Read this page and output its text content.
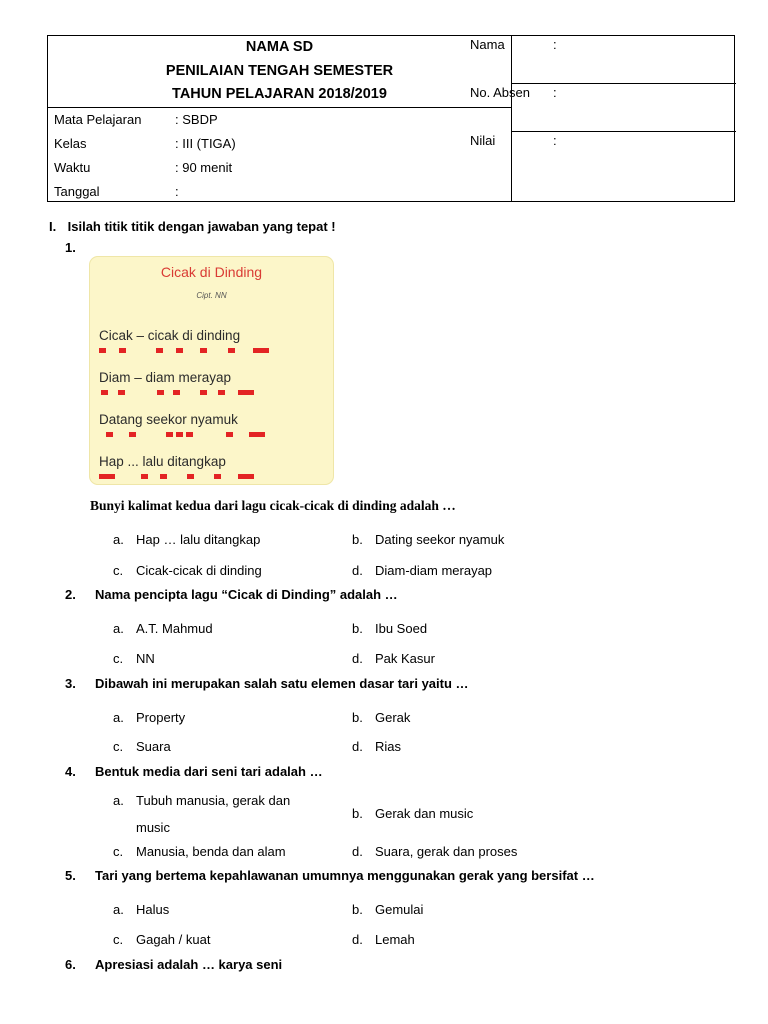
NAMA SD
PENILAIAN TENGAH SEMESTER
TAHUN PELAJARAN 2018/2019
Mata Pelajaran	: SBDP
Kelas	: III (TIGA)
Waktu	: 90 menit
Tanggal	:
Nama	:
No. Absen	:
Nilai	:
I. Isilah titik titik dengan jawaban yang tepat !
1.
Cicak di Dinding
Cipt. NN
Cicak – cicak di dinding
Diam – diam merayap
Datang seekor nyamuk
Hap ... lalu ditangkap
Bunyi kalimat kedua dari lagu cicak-cicak di dinding adalah …
a. Hap … lalu ditangkap	b. Dating seekor nyamuk
c. Cicak-cicak di dinding	d. Diam-diam merayap
2. Nama pencipta lagu “Cicak di Dinding” adalah …
a. A.T. Mahmud	b. Ibu Soed
c. NN	d. Pak Kasur
3. Dibawah ini merupakan salah satu elemen dasar tari yaitu …
a. Property	b. Gerak
c. Suara	d. Rias
4. Bentuk media dari seni tari adalah …
a. Tubuh manusia, gerak dan
music
b. Gerak dan music
c. Manusia, benda dan alam	d. Suara, gerak dan proses
5. Tari yang bertema kepahlawanan umumnya menggunakan gerak yang bersifat …
a. Halus	b. Gemulai
c. Gagah / kuat	d. Lemah
6. Apresiasi adalah … karya seni
